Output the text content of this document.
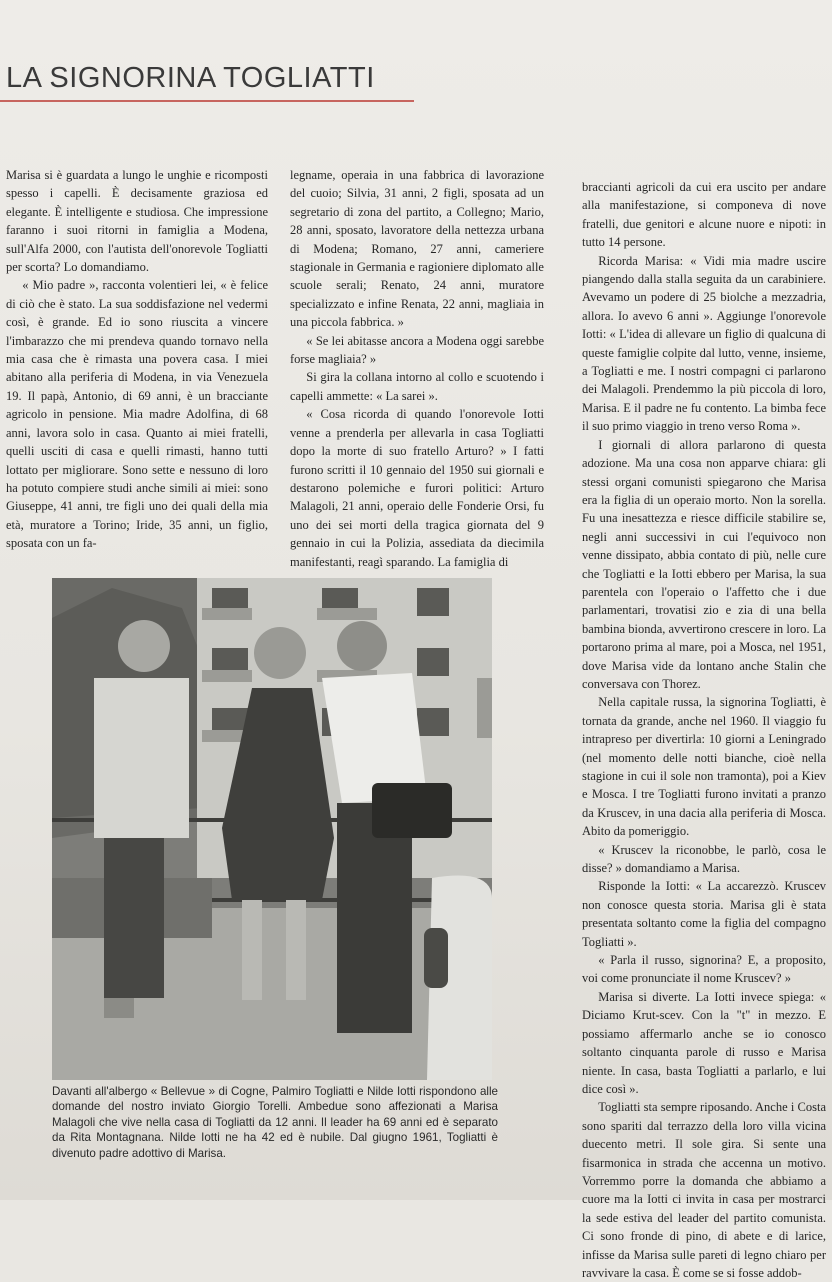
LA SIGNORINA TOGLIATTI

Marisa si è guardata a lungo le unghie e ricomposti spesso i capelli. È decisamente graziosa ed elegante. È intelligente e studiosa. Che impressione faranno i suoi ritorni in famiglia a Modena, sull'Alfa 2000, con l'autista dell'onorevole Togliatti per scorta? Lo domandiamo.

« Mio padre », racconta volentieri lei, « è felice di ciò che è stato. La sua soddisfazione nel vedermi così, è grande. Ed io sono riuscita a vincere l'imbarazzo che mi prendeva quando tornavo nella mia casa che è rimasta una povera casa. I miei abitano alla periferia di Modena, in via Venezuela 19. Il papà, Antonio, di 69 anni, è un bracciante agricolo in pensione. Mia madre Adolfina, di 68 anni, lavora solo in casa. Quanto ai miei fratelli, quelli usciti di casa e quelli rimasti, hanno tutti lottato per migliorare. Sono sette e nessuno di loro ha potuto compiere studi anche simili ai miei: sono Giuseppe, 41 anni, tre figli uno dei quali della mia età, muratore a Torino; Iride, 35 anni, un figlio, sposata con un fa-

legname, operaia in una fabbrica di lavorazione del cuoio; Silvia, 31 anni, 2 figli, sposata ad un segretario di zona del partito, a Collegno; Mario, 28 anni, sposato, lavoratore della nettezza urbana di Modena; Romano, 27 anni, cameriere stagionale in Germania e ragioniere diplomato alle scuole serali; Renato, 24 anni, muratore specializzato e infine Renata, 22 anni, magliaia in una piccola fabbrica. »

« Se lei abitasse ancora a Modena oggi sarebbe forse magliaia? »

Si gira la collana intorno al collo e scuotendo i capelli ammette: « La sarei ».

« Cosa ricorda di quando l'onorevole Iotti venne a prenderla per allevarla in casa Togliatti dopo la morte di suo fratello Arturo? » I fatti furono scritti il 10 gennaio del 1950 sui giornali e destarono polemiche e furori politici: Arturo Malagoli, 21 anni, operaio delle Fonderie Orsi, fu uno dei sei morti della tragica giornata del 9 gennaio in cui la Polizia, assediata da diecimila manifestanti, reagì sparando. La famiglia di

braccianti agricoli da cui era uscito per andare alla manifestazione, si componeva di nove fratelli, due genitori e alcune nuore e nipoti: in tutto 14 persone.

Ricorda Marisa: « Vidi mia madre uscire piangendo dalla stalla seguita da un carabiniere. Avevamo un podere di 25 biolche a mezzadria, allora. Io avevo 6 anni ». Aggiunge l'onorevole Iotti: « L'idea di allevare un figlio di qualcuna di queste famiglie colpite dal lutto, venne, insieme, a Togliatti e me. I nostri compagni ci parlarono dei Malagoli. Prendemmo la più piccola di loro, Marisa. E il padre ne fu contento. La bimba fece il suo primo viaggio in treno verso Roma ».

I giornali di allora parlarono di questa adozione. Ma una cosa non apparve chiara: gli stessi organi comunisti spiegarono che Marisa era la figlia di un operaio morto. Non la sorella. Fu una inesattezza e riesce difficile stabilire se, negli anni successivi in cui l'equivoco non venne dissipato, abbia contato di più, nelle cure che Togliatti e la Iotti ebbero per Marisa, la sua parentela con l'operaio o l'affetto che i due parlamentari, trovatisi zio e zia di una bella bambina bionda, avvertirono crescere in loro. La portarono prima al mare, poi a Mosca, nel 1951, dove Marisa vide da lontano anche Stalin che conversava con Thorez.

Nella capitale russa, la signorina Togliatti, è tornata da grande, anche nel 1960. Il viaggio fu intrapreso per divertirla: 10 giorni a Leningrado (nel momento delle notti bianche, cioè nella stagione in cui il sole non tramonta), poi a Kiev e Mosca. I tre Togliatti furono invitati a pranzo da Kruscev, in una dacia alla periferia di Mosca. Abito da pomeriggio.

« Kruscev la riconobbe, le parlò, cosa le disse? » domandiamo a Marisa.

Risponde la Iotti: « La accarezzò. Kruscev non conosce questa storia. Marisa gli è stata presentata soltanto come la figlia del compagno Togliatti ».

« Parla il russo, signorina? E, a proposito, voi come pronunciate il nome Kruscev? »

Marisa si diverte. La Iotti invece spiega: « Diciamo Krut-scev. Con la "t" in mezzo. E possiamo affermarlo anche se io conosco soltanto cinquanta parole di russo e Marisa niente. In casa, basta Togliatti a parlarlo, e lui dice così ».

Togliatti sta sempre riposando. Anche i Costa sono spariti dal terrazzo della loro villa vicina duecento metri. Il sole gira. Si sente una fisarmonica in strada che accenna un motivo. Vorremmo porre la domanda che abbiamo a cuore ma la Iotti ci invita in casa per mostrarci la sede estiva del leader del partito comunista. Ci sono fronde di pino, di abete e di larice, infisse da Marisa sulle pareti di legno chiaro per ravvivare la casa. È come se si fosse addob-

Davanti all'albergo « Bellevue » di Cogne, Palmiro Togliatti e Nilde Iotti rispondono alle domande del nostro inviato Giorgio Torelli. Ambedue sono affezionati a Marisa Malagoli che vive nella casa di Togliatti da 12 anni. Il leader ha 69 anni ed è separato da Rita Montagnana. Nilde Iotti ne ha 42 ed è nubile. Dal giugno 1961, Togliatti è divenuto padre adottivo di Marisa.
